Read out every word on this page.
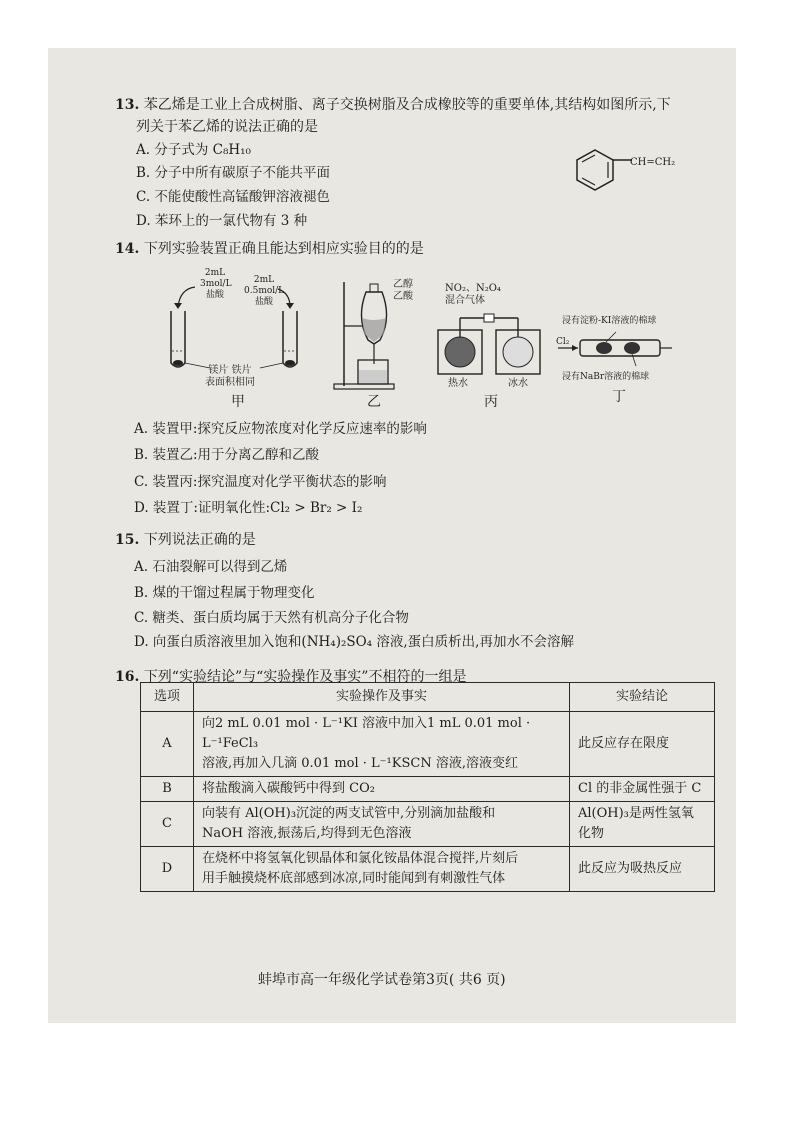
13. 苯乙烯是工业上合成树脂、离子交换树脂及合成橡胶等的重要单体,其结构如图所示,下
列关于苯乙烯的说法正确的是
A. 分子式为 C₈H₁₀
B. 分子中所有碳原子不能共平面
C. 不能使酸性高锰酸钾溶液褪色
D. 苯环上的一氯代物有 3 种
CH=CH₂
14. 下列实验装置正确且能达到相应实验目的的是
2mL
3mol/L
盐酸
2mL
0.5mol/L
盐酸
镁片 铁片
表面积相同
甲
乙醇
乙酸
乙
NO₂、N₂O₄
混合气体
热水	冰水
丙
浸有淀粉-KI溶液的棉球
Cl₂
浸有NaBr溶液的棉球
丁
A. 装置甲:探究反应物浓度对化学反应速率的影响
B. 装置乙:用于分离乙醇和乙酸
C. 装置丙:探究温度对化学平衡状态的影响
D. 装置丁:证明氧化性:Cl₂ > Br₂ > I₂
15. 下列说法正确的是
A. 石油裂解可以得到乙烯
B. 煤的干馏过程属于物理变化
C. 糖类、蛋白质均属于天然有机高分子化合物
D. 向蛋白质溶液里加入饱和(NH₄)₂SO₄ 溶液,蛋白质析出,再加水不会溶解
16. 下列“实验结论”与“实验操作及事实”不相符的一组是
选项	实验操作及事实	实验结论
A	向2 mL 0.01 mol · L⁻¹KI 溶液中加入1 mL 0.01 mol · L⁻¹FeCl₃
溶液,再加入几滴 0.01 mol · L⁻¹KSCN 溶液,溶液变红	此反应存在限度
B	将盐酸滴入碳酸钙中得到 CO₂	Cl 的非金属性强于 C
C	向装有 Al(OH)₃沉淀的两支试管中,分别滴加盐酸和
NaOH 溶液,振荡后,均得到无色溶液	Al(OH)₃是两性氢氧化物
D	在烧杯中将氢氧化钡晶体和氯化铵晶体混合搅拌,片刻后
用手触摸烧杯底部感到冰凉,同时能闻到有刺激性气体	此反应为吸热反应
蚌埠市高一年级化学试卷第3页( 共6 页)
